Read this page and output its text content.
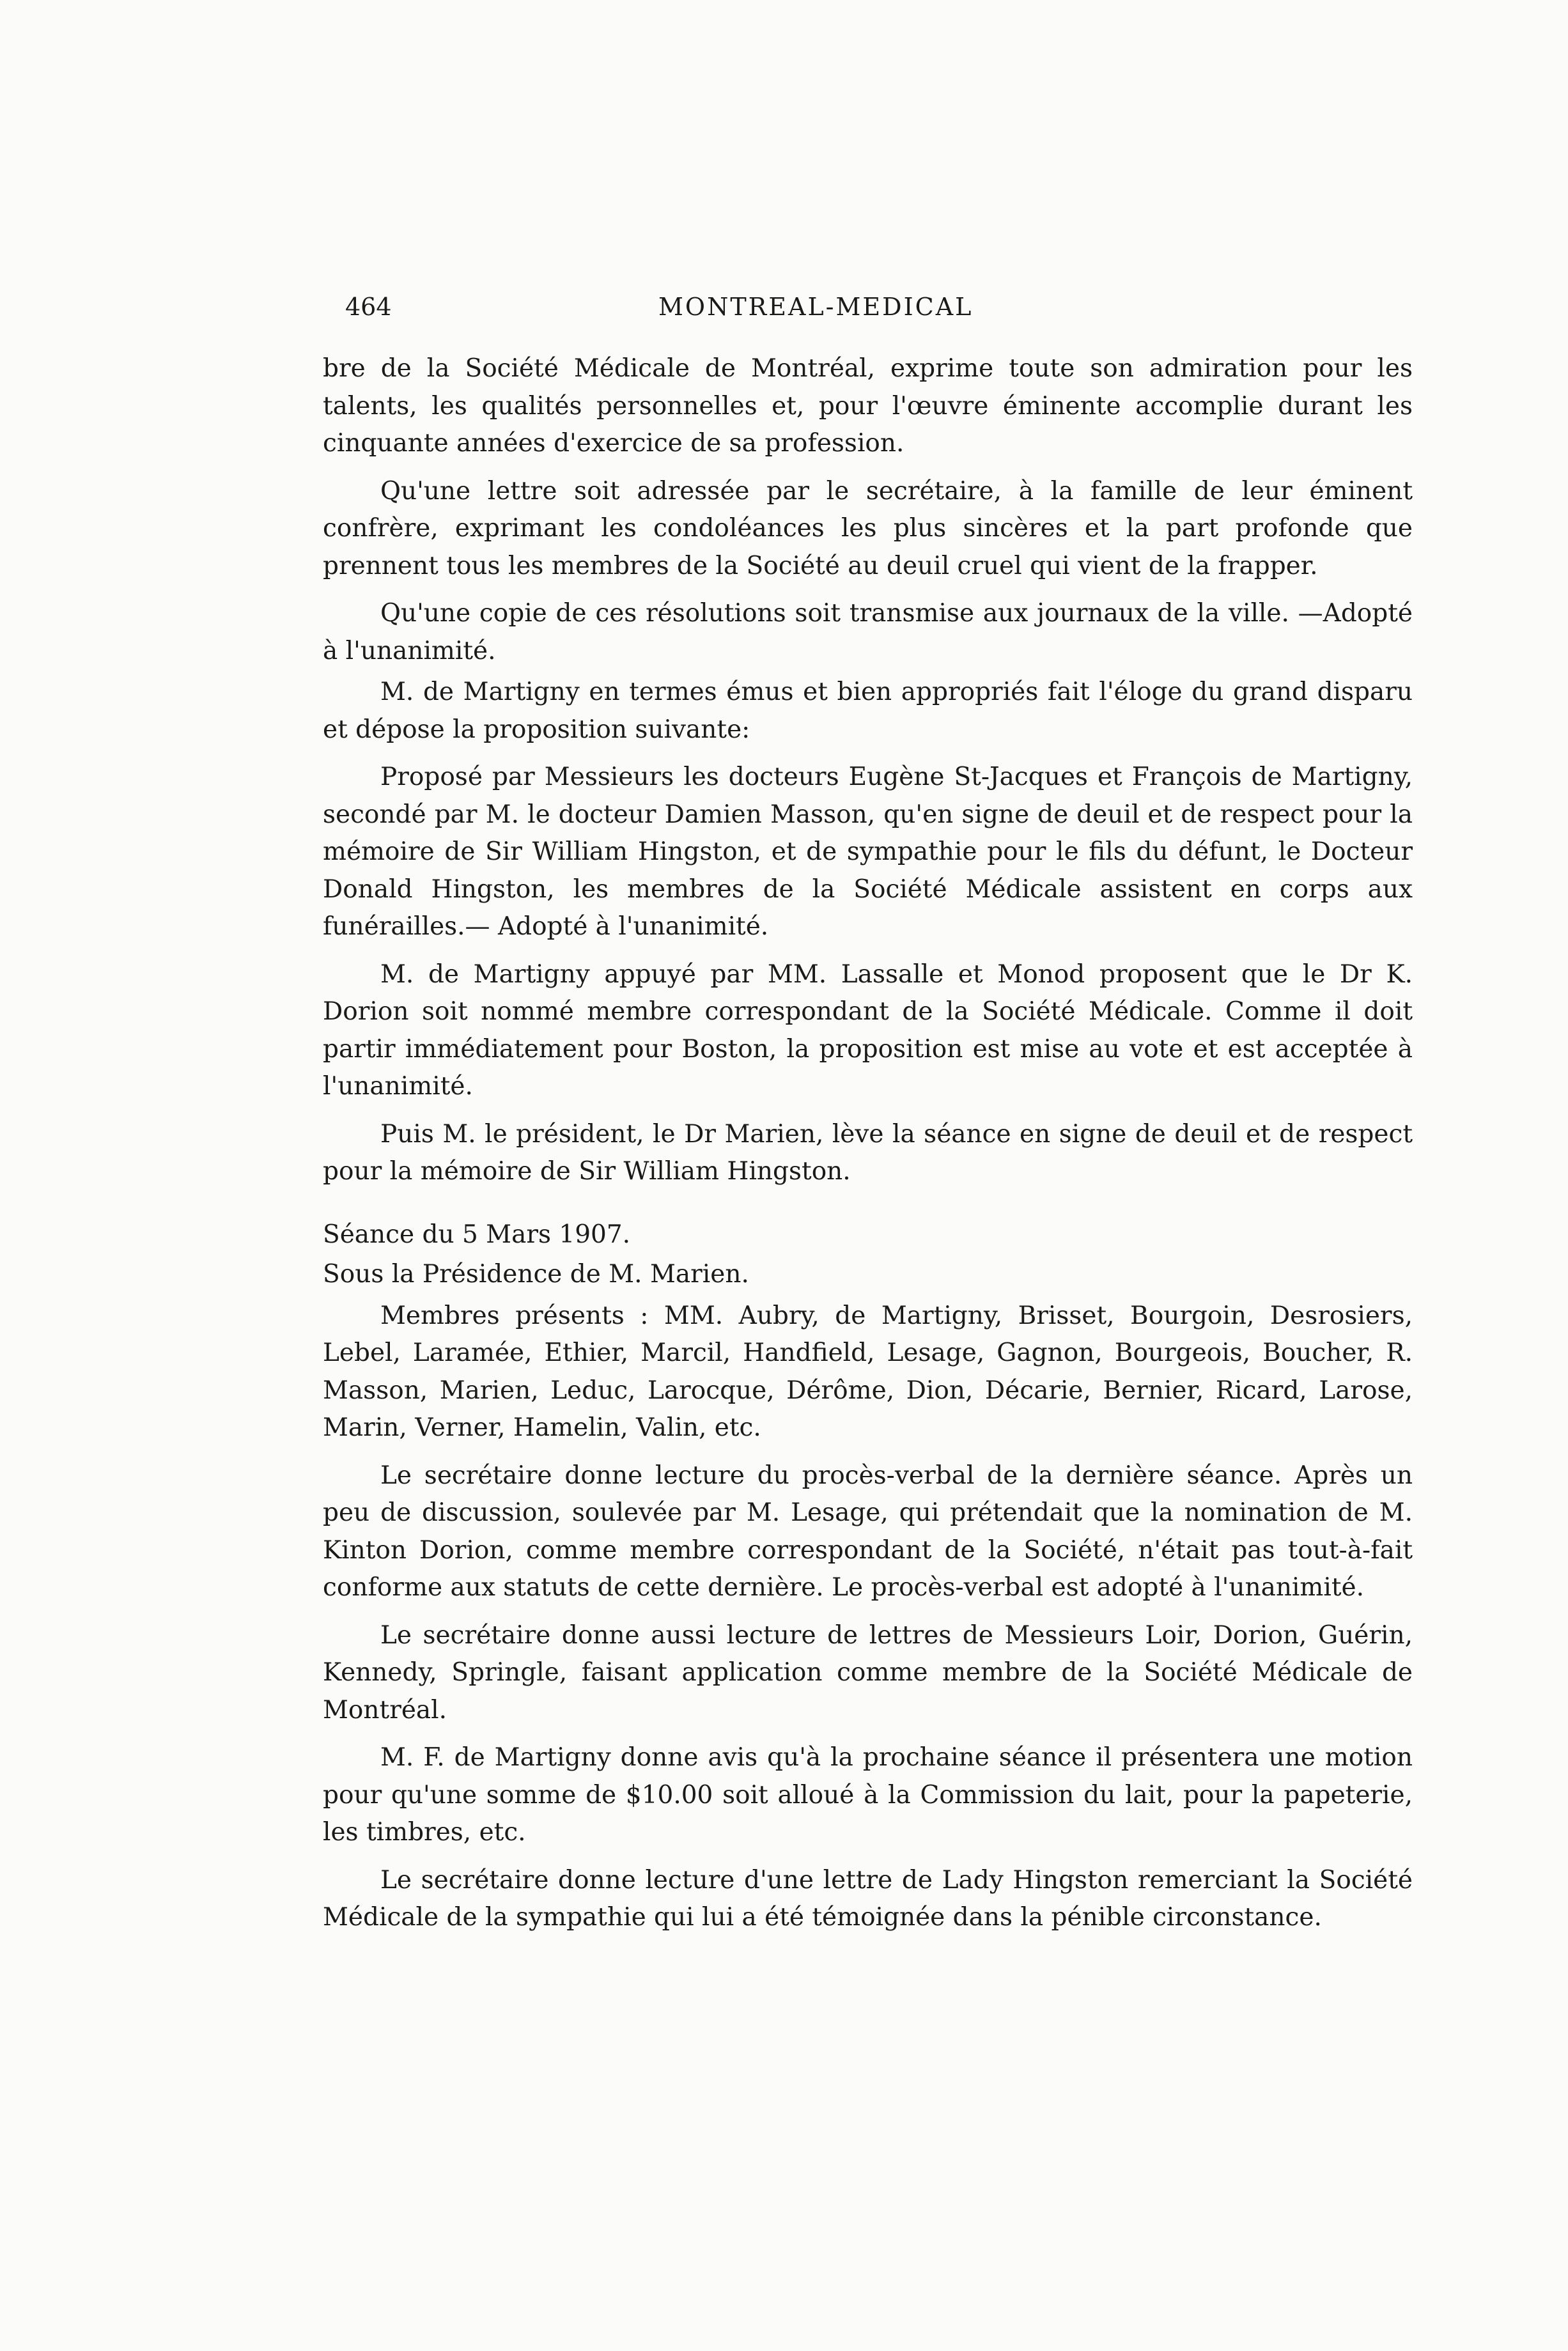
464	MONTREAL-MEDICAL

bre de la Société Médicale de Montréal, exprime toute son admiration pour les talents, les qualités personnelles et, pour l'œuvre éminente accomplie durant les cinquante années d'exercice de sa profession.

Qu'une lettre soit adressée par le secrétaire, à la famille de leur éminent confrère, exprimant les condoléances les plus sincères et la part profonde que prennent tous les membres de la Société au deuil cruel qui vient de la frapper.

Qu'une copie de ces résolutions soit transmise aux journaux de la ville. —Adopté à l'unanimité.

M. de Martigny en termes émus et bien appropriés fait l'éloge du grand disparu et dépose la proposition suivante:

Proposé par Messieurs les docteurs Eugène St-Jacques et François de Martigny, secondé par M. le docteur Damien Masson, qu'en signe de deuil et de respect pour la mémoire de Sir William Hingston, et de sympathie pour le fils du défunt, le Docteur Donald Hingston, les membres de la Société Médicale assistent en corps aux funérailles.— Adopté à l'unanimité.

M. de Martigny appuyé par MM. Lassalle et Monod proposent que le Dr K. Dorion soit nommé membre correspondant de la Société Médicale. Comme il doit partir immédiatement pour Boston, la proposition est mise au vote et est acceptée à l'unanimité.

Puis M. le président, le Dr Marien, lève la séance en signe de deuil et de respect pour la mémoire de Sir William Hingston.

Séance du 5 Mars 1907.

Sous la Présidence de M. Marien.

Membres présents : MM. Aubry, de Martigny, Brisset, Bourgoin, Desrosiers, Lebel, Laramée, Ethier, Marcil, Handfield, Lesage, Gagnon, Bourgeois, Boucher, R. Masson, Marien, Leduc, Larocque, Dérôme, Dion, Décarie, Bernier, Ricard, Larose, Marin, Verner, Hamelin, Valin, etc.

Le secrétaire donne lecture du procès-verbal de la dernière séance. Après un peu de discussion, soulevée par M. Lesage, qui prétendait que la nomination de M. Kinton Dorion, comme membre correspondant de la Société, n'était pas tout-à-fait conforme aux statuts de cette dernière. Le procès-verbal est adopté à l'unanimité.

Le secrétaire donne aussi lecture de lettres de Messieurs Loir, Dorion, Guérin, Kennedy, Springle, faisant application comme membre de la Société Médicale de Montréal.

M. F. de Martigny donne avis qu'à la prochaine séance il présentera une motion pour qu'une somme de $10.00 soit alloué à la Commission du lait, pour la papeterie, les timbres, etc.

Le secrétaire donne lecture d'une lettre de Lady Hingston remerciant la Société Médicale de la sympathie qui lui a été témoignée dans la pénible circonstance.
